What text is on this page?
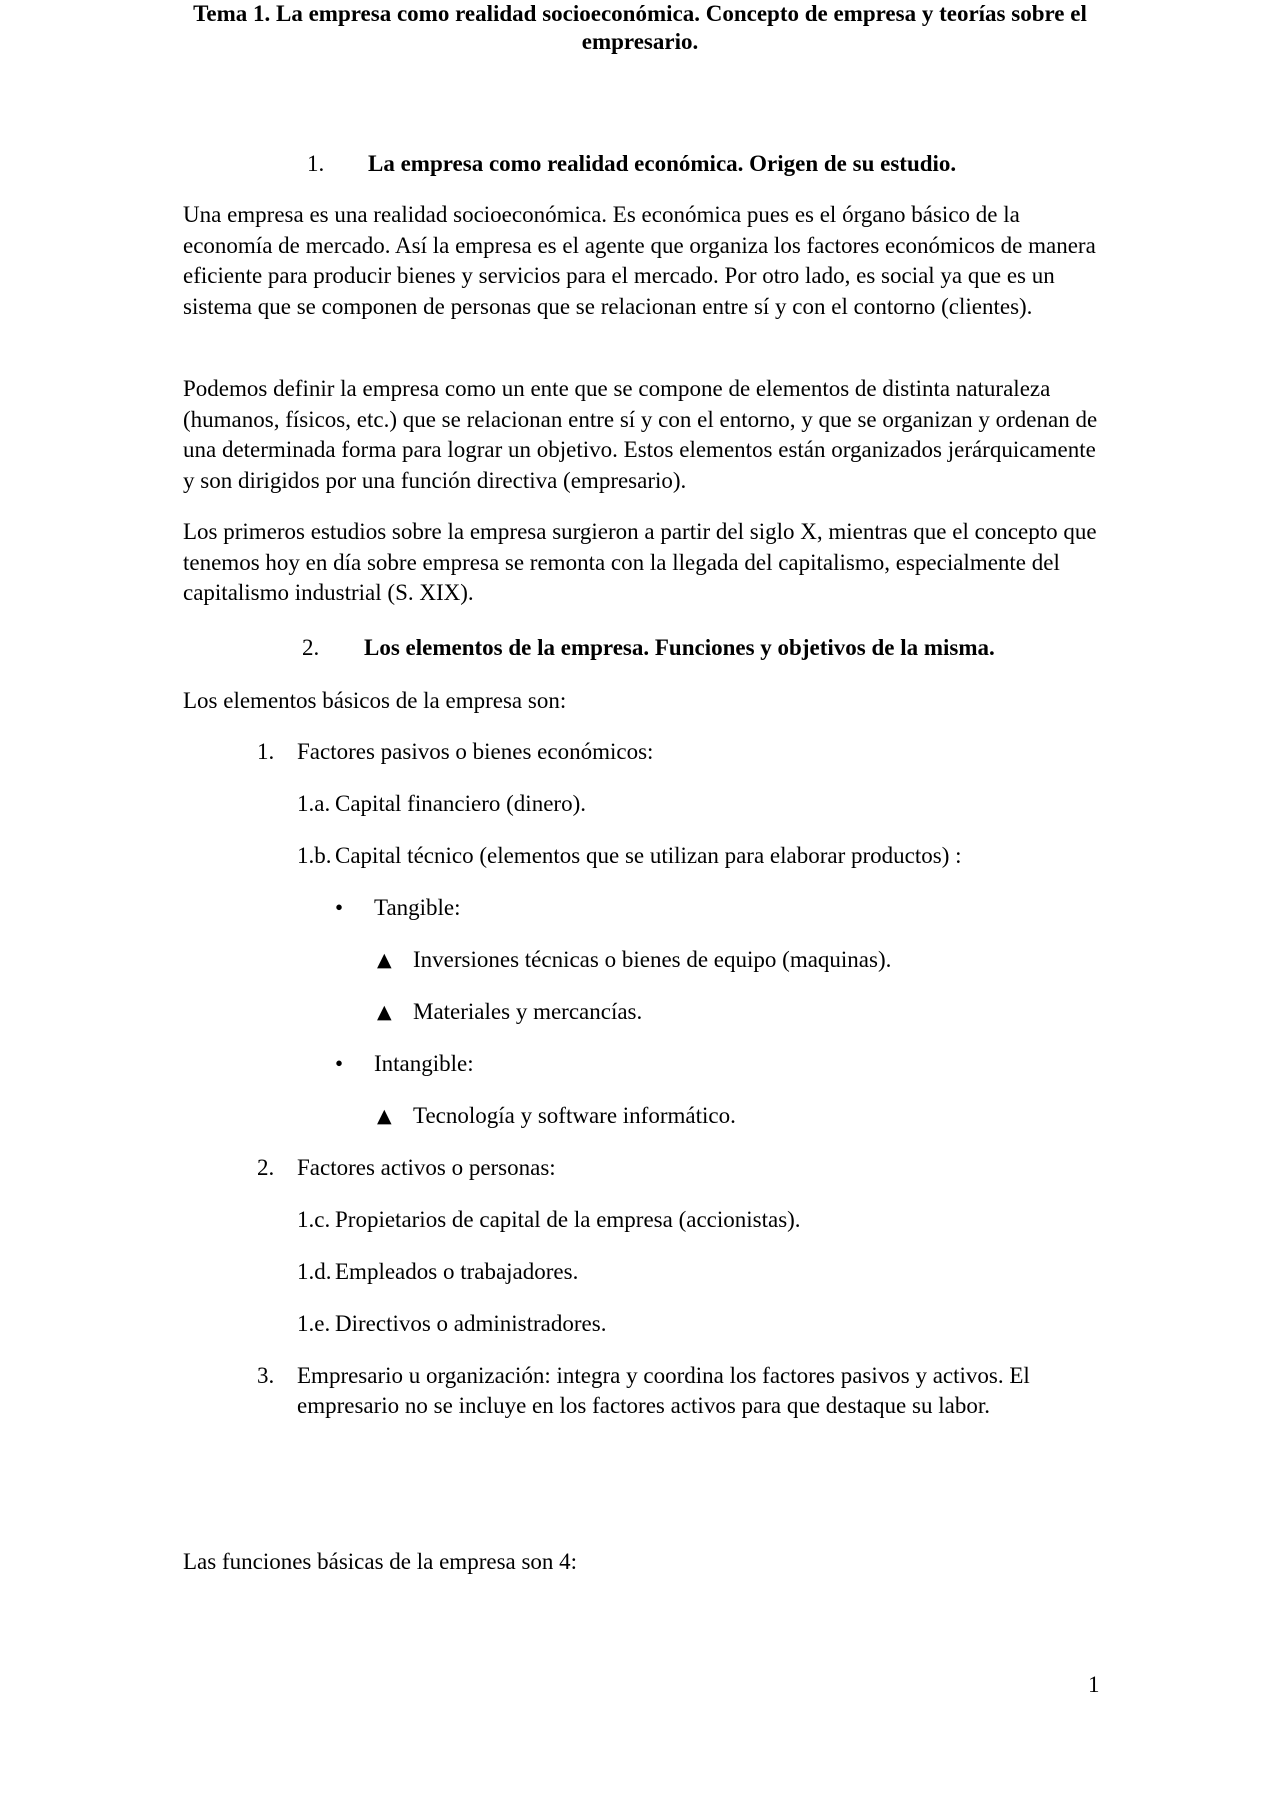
Tema 1. La empresa como realidad socioeconómica. Concepto de empresa y teorías sobre el empresario.
1. La empresa como realidad económica. Origen de su estudio.
Una empresa es una realidad socioeconómica. Es económica pues es el órgano básico de la economía de mercado. Así la empresa es el agente que organiza los factores económicos de manera eficiente para producir bienes y servicios para el mercado. Por otro lado, es social ya que es un sistema que se componen de personas que se relacionan entre sí y con el contorno (clientes).
Podemos definir la empresa como un ente que se compone de elementos de distinta naturaleza (humanos, físicos, etc.) que se relacionan entre sí y con el entorno, y que se organizan y ordenan de una determinada forma para lograr un objetivo. Estos elementos están organizados jerárquicamente y son dirigidos por una función directiva (empresario).
Los primeros estudios sobre la empresa surgieron a partir del siglo X, mientras que el concepto que tenemos hoy en día sobre empresa se remonta con la llegada del capitalismo, especialmente del capitalismo industrial (S. XIX).
2. Los elementos de la empresa. Funciones y objetivos de la misma.
Los elementos básicos de la empresa son:
1. Factores pasivos o bienes económicos:
1.a. Capital financiero (dinero).
1.b. Capital técnico (elementos que se utilizan para elaborar productos) :
• Tangible:
▲ Inversiones técnicas o bienes de equipo (maquinas).
▲ Materiales y mercancías.
• Intangible:
▲ Tecnología y software informático.
2. Factores activos o personas:
1.c. Propietarios de capital de la empresa (accionistas).
1.d. Empleados o trabajadores.
1.e. Directivos o administradores.
3. Empresario u organización: integra y coordina los factores pasivos y activos. El empresario no se incluye en los factores activos para que destaque su labor.
Las funciones básicas de la empresa son 4:
1
